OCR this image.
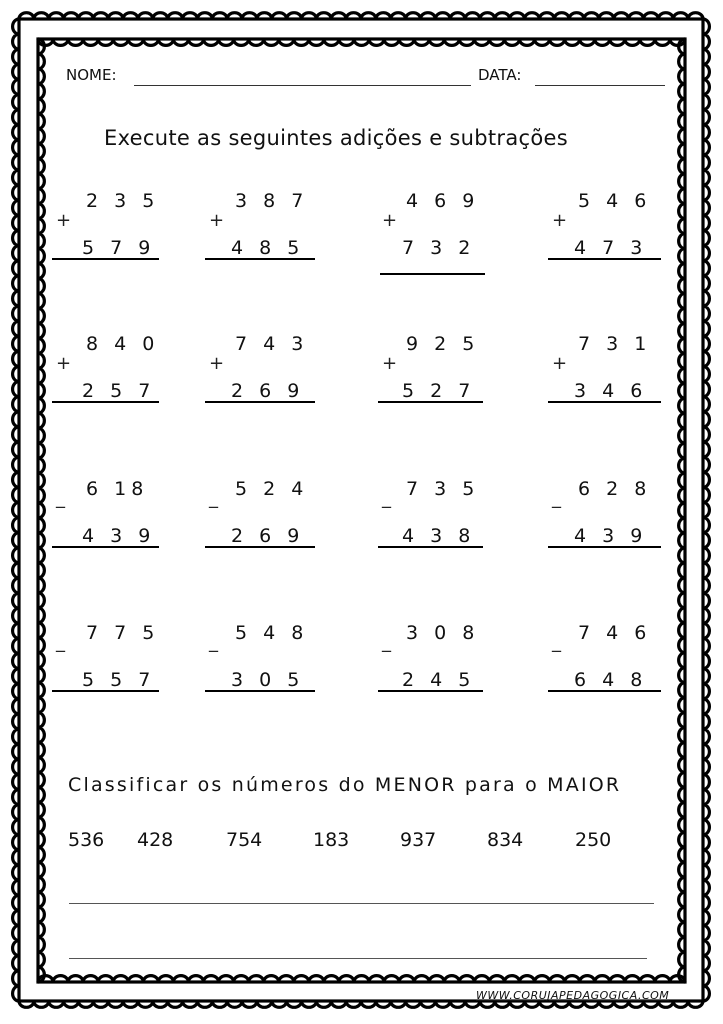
NOME:	DATA:
Execute as seguintes adições e subtrações
2 3 5
+
5 7 9
3 8 7
+
4 8 5
4 6 9
+
7 3 2
5 4 6
+
4 7 3
8 4 0
+
2 5 7
7 4 3
+
2 6 9
9 2 5
+
5 2 7
7 3 1
+
3 4 6
6 18
_
4 3 9
5 2 4
_
2 6 9
7 3 5
_
4 3 8
6 2 8
_
4 3 9
7 7 5
_
5 5 7
5 4 8
_
3 0 5
3 0 8
_
2 4 5
7 4 6
_
6 4 8
Classificar os números do MENOR para o MAIOR
536 428	754	183	937	834	250
WWW.CORUJAPEDAGOGICA.COM
